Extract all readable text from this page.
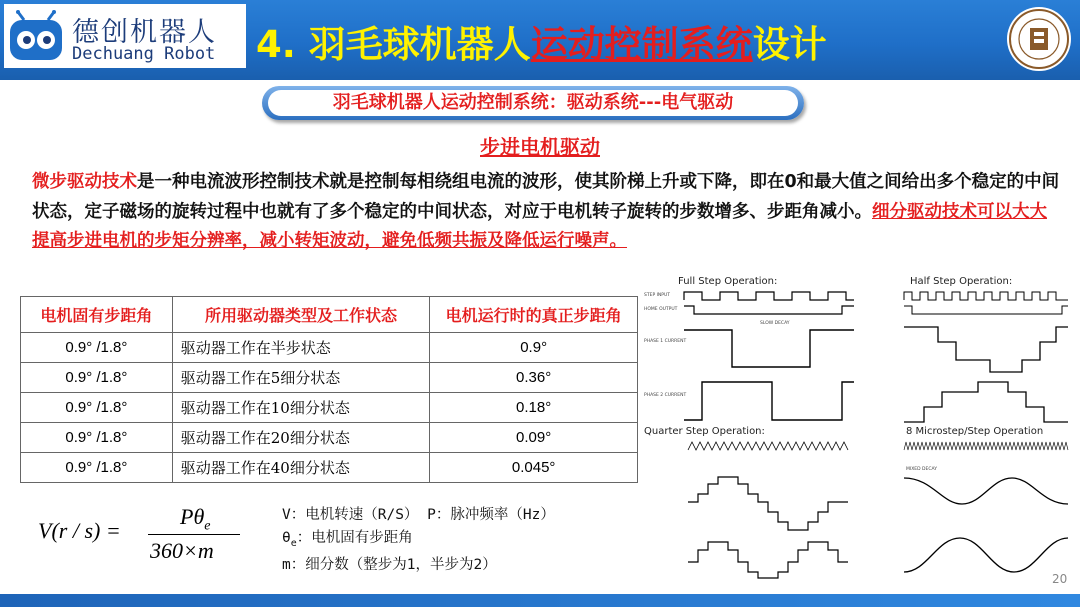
德创机器人
Dechuang Robot 4. 羽毛球机器人运动控制系统设计
羽毛球机器人运动控制系统：驱动系统---电气驱动
步进电机驱动
微步驱动技术是一种电流波形控制技术就是控制每相绕组电流的波形，使其阶梯上升或下降，即在0和最大值之间给出多个稳定的中间状态，定子磁场的旋转过程中也就有了多个稳定的中间状态，对应于电机转子旋转的步数增多、步距角减小。细分驱动技术可以大大提高步进电机的步矩分辨率，减小转矩波动，避免低频共振及降低运行噪声。
电机固有步距角	所用驱动器类型及工作状态	电机运行时的真正步距角
0.9° /1.8°	驱动器工作在半步状态	0.9°
0.9° /1.8°	驱动器工作在5细分状态	0.36°
0.9° /1.8°	驱动器工作在10细分状态	0.18°
0.9° /1.8°	驱动器工作在20细分状态	0.09°
0.9° /1.8°	驱动器工作在40细分状态	0.045°
V(r / s) =
$P\theta_e$
360×m
V：电机转速（R/S） P：脉冲频率（Hz）
$\theta_e$：电机固有步距角
m：细分数（整步为1，半步为2）
Full Step Operation:
STEP INPUT
HOME OUTPUT
PHASE 1 CURRENT
PHASE 2 CURRENT
SLOW DECAY
Half Step Operation:
Quarter Step Operation:	8 Microstep/Step Operation
MIXED DECAY
20
